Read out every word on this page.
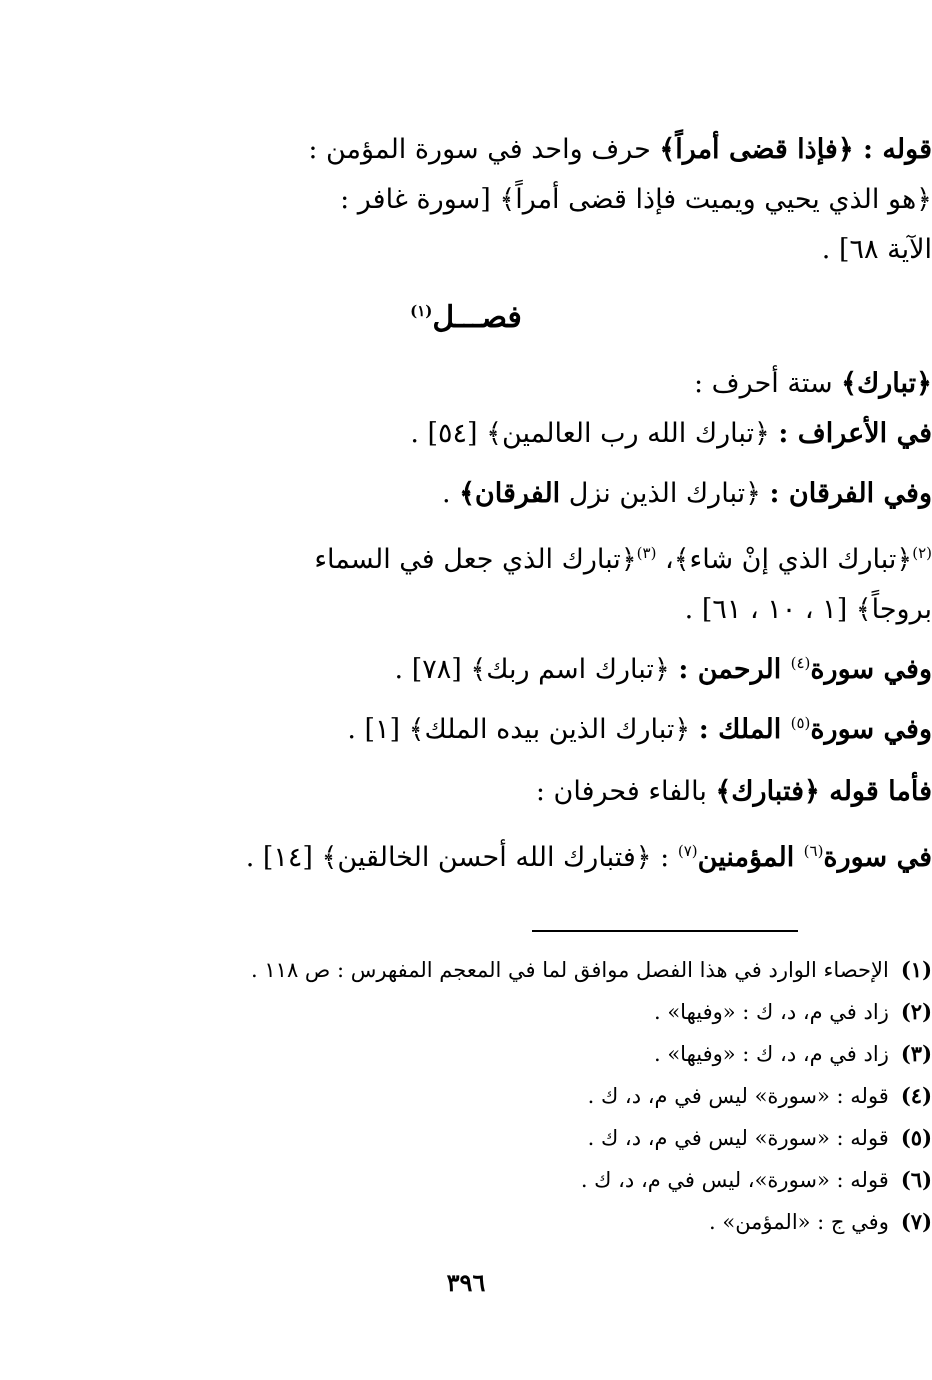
قوله : ﴿فإذا قضى أمراً﴾ حرف واحد في سورة المؤمن :
﴿هو الذي يحيي ويميت فإذا قضى أمراً﴾ [سورة غافر :
الآية ٦٨] .
فصـــل$^{(١)}$
﴿تبارك﴾ ستة أحرف :
في الأعراف : ﴿تبارك الله رب العالمين﴾ [٥٤] .
وفي الفرقان : ﴿تبارك الذين نزل الفرقان﴾ .
$^{(٢)}$﴿تبارك الذي إنْ شاء﴾، $^{(٣)}$﴿تبارك الذي جعل في السماء
بروجاً﴾ [١ ، ١٠ ، ٦١] .
وفي سورة$^{(٤)}$ الرحمن : ﴿تبارك اسم ربك﴾ [٧٨] .
وفي سورة$^{(٥)}$ الملك : ﴿تبارك الذين بيده الملك﴾ [١] .
فأما قوله ﴿فتبارك﴾ بالفاء فحرفان :
في سورة$^{(٦)}$ المؤمنين$^{(٧)}$ : ﴿فتبارك الله أحسن الخالقين﴾ [١٤] .
(١)الإحصاء الوارد في هذا الفصل موافق لما في المعجم المفهرس : ص ١١٨ .
(٢)زاد في م، د، ك : «وفيها» .
(٣)زاد في م، د، ك : «وفيها» .
(٤)قوله : «سورة» ليس في م، د، ك .
(٥)قوله : «سورة» ليس في م، د، ك .
(٦)قوله : «سورة»، ليس في م، د، ك .
(٧)وفي ج : «المؤمن» .
٣٩٦
